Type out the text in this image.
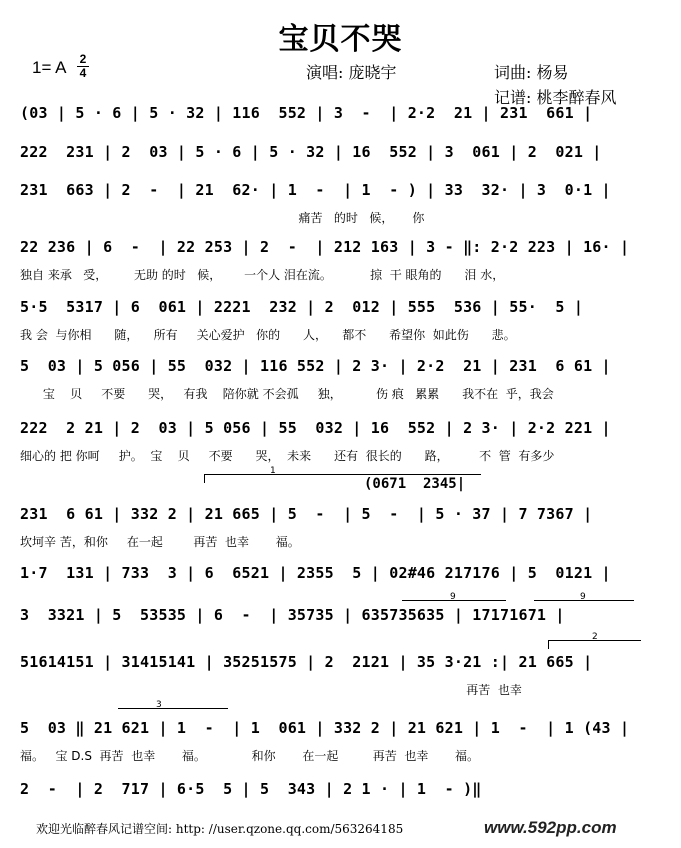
宝贝不哭
1= A	2
4	演唱: 庞晓宇	词曲: 杨易
记谱: 桃李醉春风
(03 | 5 · 6 | 5 · 32 | 116  552 | 3  -  | 2·2  21 | 231  661 |
222  231 | 2  03 | 5 · 6 | 5 · 32 | 16  552 | 3  061 | 2  021 |
231  663 | 2  -  | 21  62· | 1  -  | 1  - ) | 33  32· | 3  0·1 |
痛苦   的时   候，     你
22 236 | 6  -  | 22 253 | 2  -  | 212 163 | 3 - ‖: 2·2 223 | 16· |
独自 来承   受，       无助 的时   候，      一个人 泪在流。          掠  干 眼角的      泪 水，
5·5  5317 | 6  061 | 2221  232 | 2  012 | 555  536 | 55·  5 |
我 会  与你相      随，    所有     关心爱护   你的      人，    都不      希望你  如此伤      悲。
5  03 | 5 056 | 55  032 | 116 552 | 2 3· | 2·2  21 | 231  6 61 |
宝    贝     不要      哭，   有我    陪你就 不会孤     独，         伤 痕   累累      我不在  乎，我会
222  2 21 | 2  03 | 5 056 | 55  032 | 16  552 | 2 3· | 2·2 221 |
细心的 把 你呵     护。  宝    贝     不要      哭，  未来      还有  很长的      路，        不  管  有多少
231  6 61 | 332 2 | 21 665 | 5  -  | 5  -  | 5 · 37 | 7 7367 |
坎坷辛 苦，和你     在一起        再苦  也幸       福。
1·7  131 | 733  3 | 6  6521 | 2355  5 | 02#46 217176 | 5  0121 |
3  3321 | 5  53535 | 6  -  | 35735 | 635735635 | 17171671 |
51614151 | 31415141 | 35251575 | 2  2121 | 35 3·21 :| 21 665 |
再苦  也幸
5  03 ‖ 21 621 | 1  -  | 1  061 | 332 2 | 21 621 | 1  -  | 1 (43 |
福。   宝 D.S  再苦  也幸       福。            和你       在一起         再苦  也幸       福。
2  -  | 2  717 | 6·5  5 | 5  343 | 2 1 · | 1  - )‖
1
(0671  2345|
2
3
9	9
欢迎光临醉春风记谱空间: http: //user.qzone.qq.com/563264185	www.592pp.com
